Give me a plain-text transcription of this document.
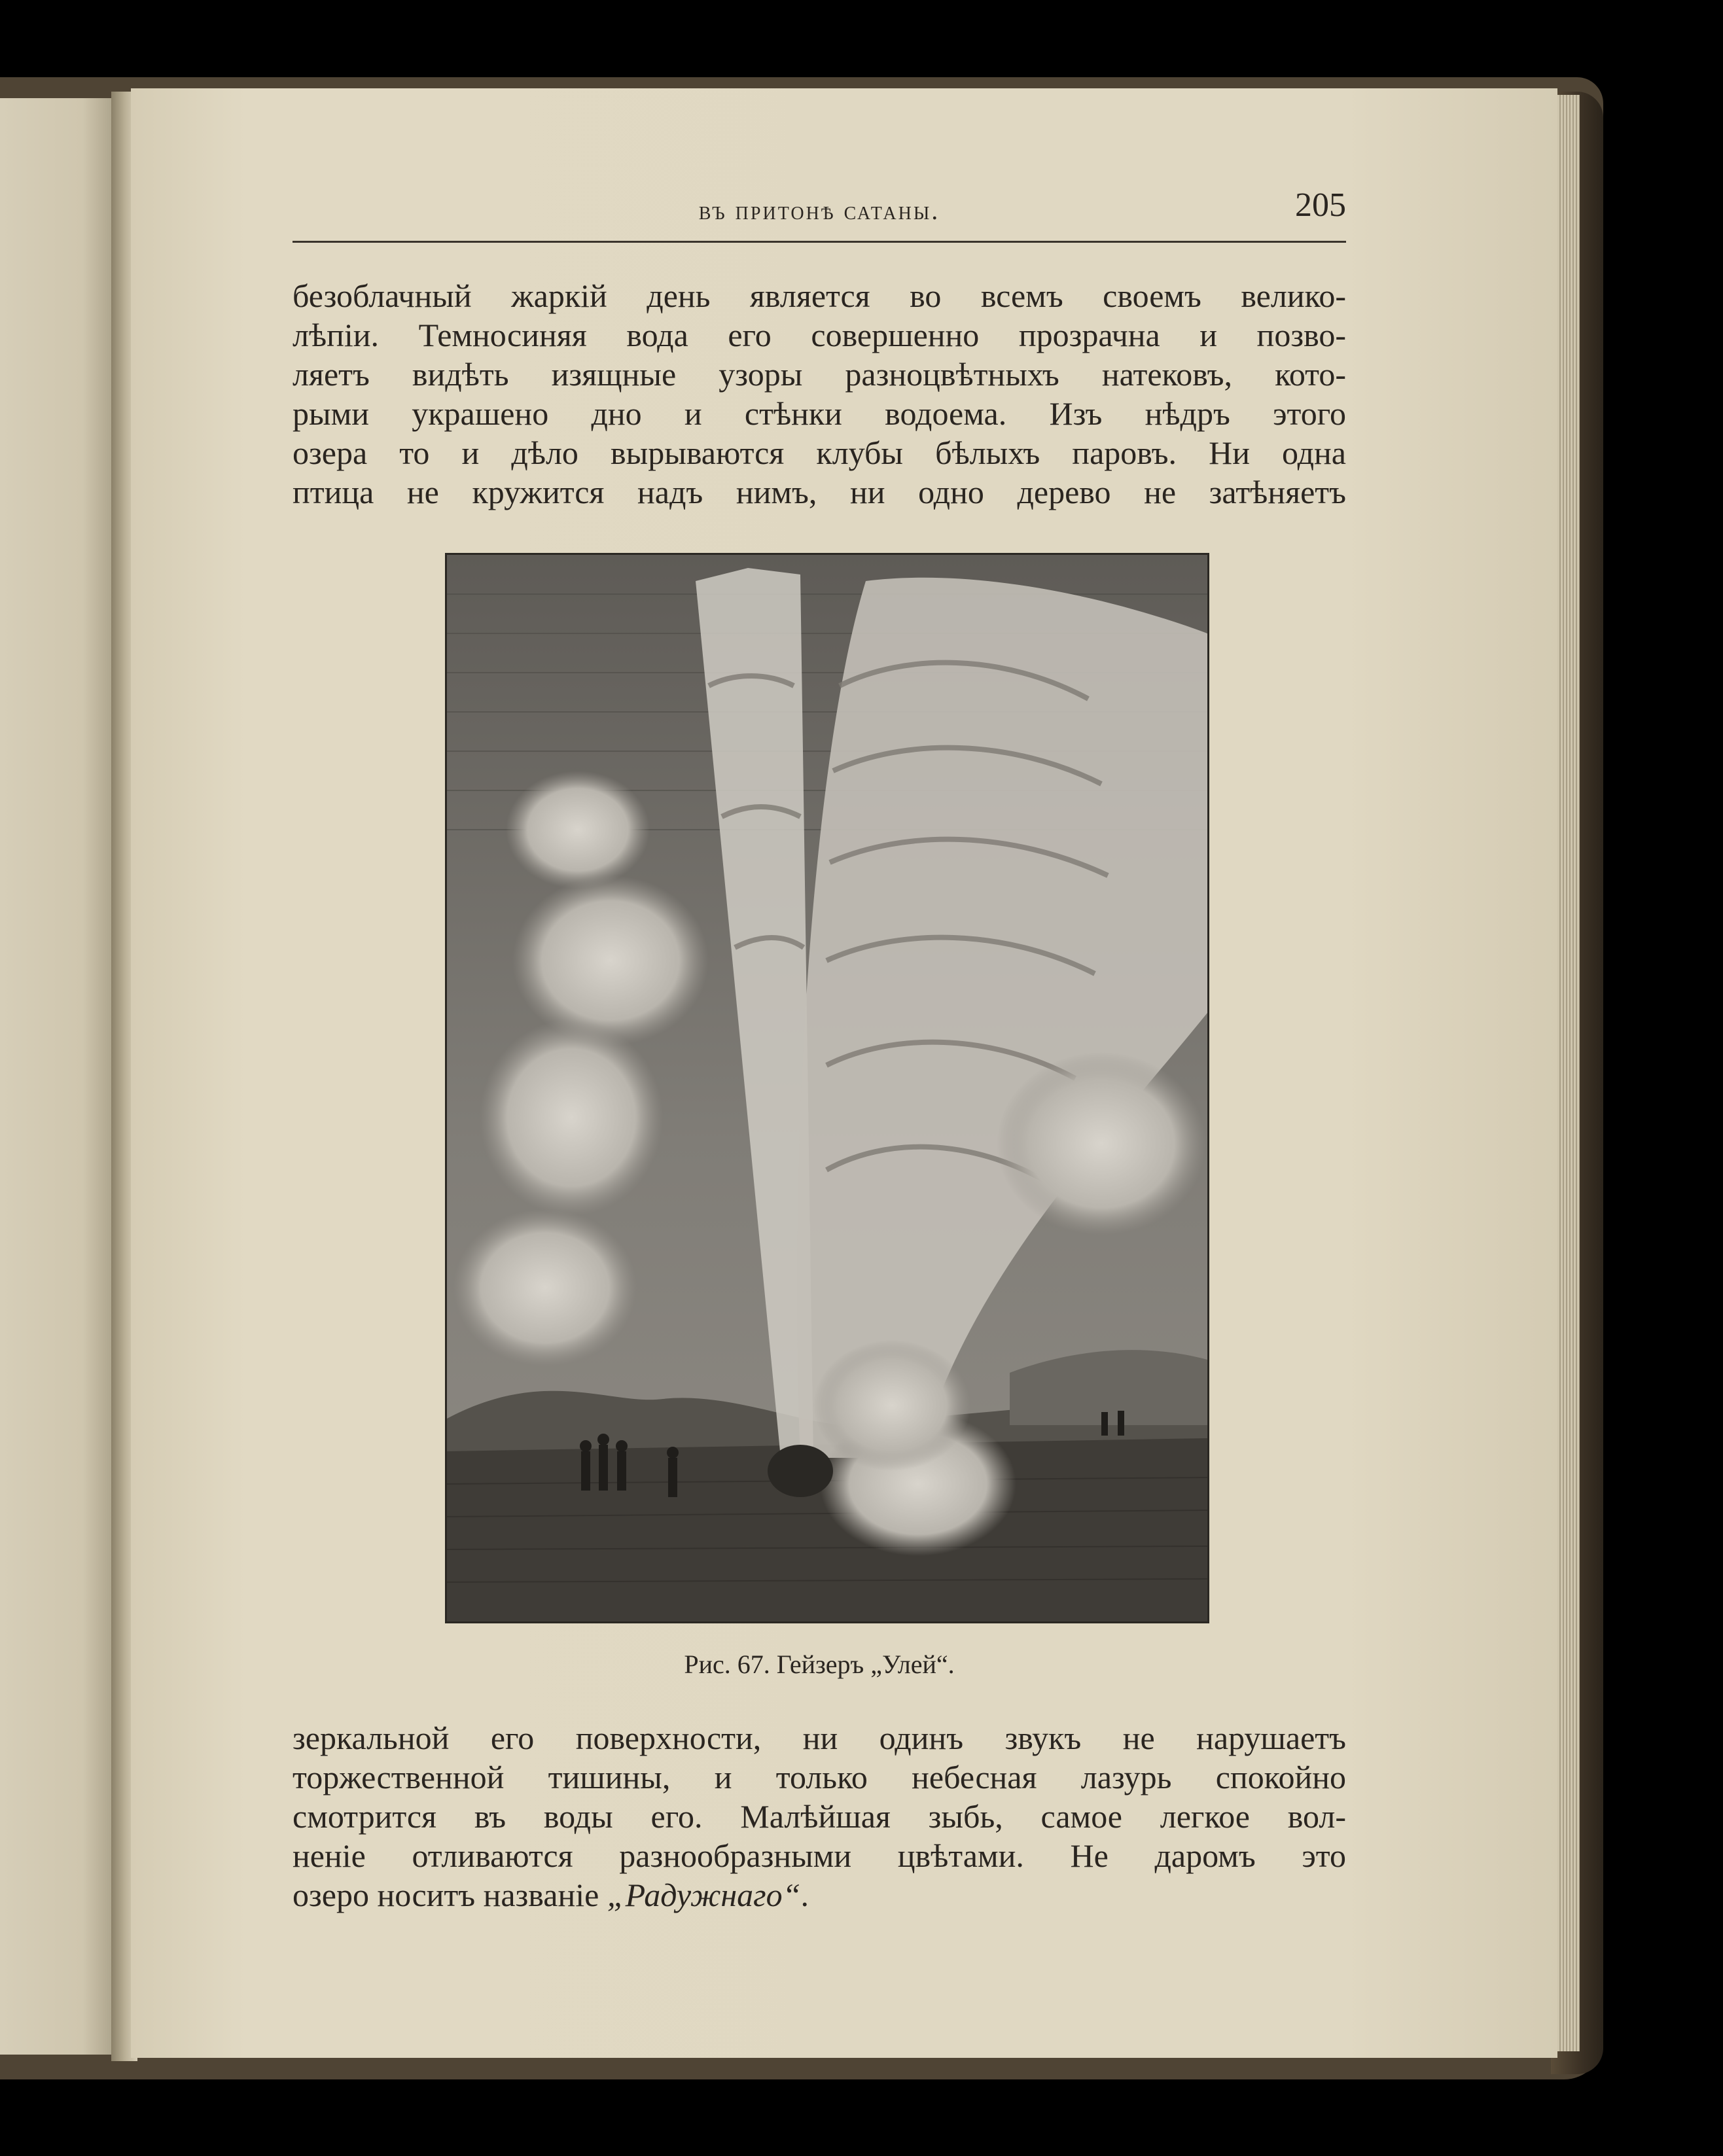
въ притонѣ сатаны.	205
безоблачный жаркій день является во всемъ своемъ велико-
лѣпіи. Темносиняя вода его совершенно прозрачна и позво-
ляетъ видѣть изящные узоры разноцвѣтныхъ натековъ, кото-
рыми украшено дно и стѣнки водоема. Изъ нѣдръ этого
озера то и дѣло вырываются клубы бѣлыхъ паровъ. Ни одна
птица не кружится надъ нимъ, ни одно дерево не затѣняетъ
Рис. 67. Гейзеръ „Улей“.
зеркальной его поверхности, ни одинъ звукъ не нарушаетъ
торжественной тишины, и только небесная лазурь спокойно
смотрится въ воды его. Малѣйшая зыбь, самое легкое вол-
неніе отливаются разнообразными цвѣтами. Не даромъ это
озеро носитъ названіе „Радужнаго“.
